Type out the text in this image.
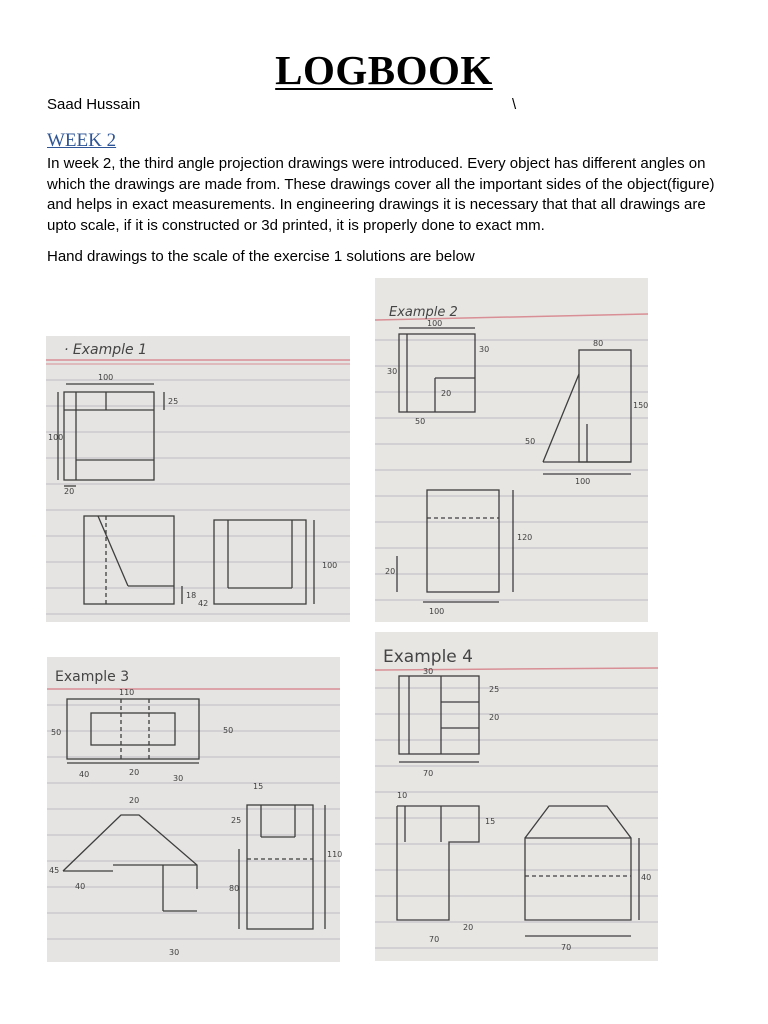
LOGBOOK
Saad Hussain	\
WEEK 2
In week 2, the third angle projection drawings were introduced. Every object has different angles on which the drawings are made from. These drawings cover all the important sides of the object(figure) and helps in exact measurements. In engineering drawings it is necessary that that all drawings are upto scale, if it is constructed or 3d printed, it is properly done to exact mm.
Hand drawings to the scale of the exercise 1 solutions are below
· Example 1
100
25
100
20
100
18
42
Example 2
100
30
20
30
50
80
150
50
100
120
20
100
Example 3
110
50	50
40	20
30
20
15
25
45
40
30
80
110
Example 4
30
25
20
70
10
15
20
70
70
40
